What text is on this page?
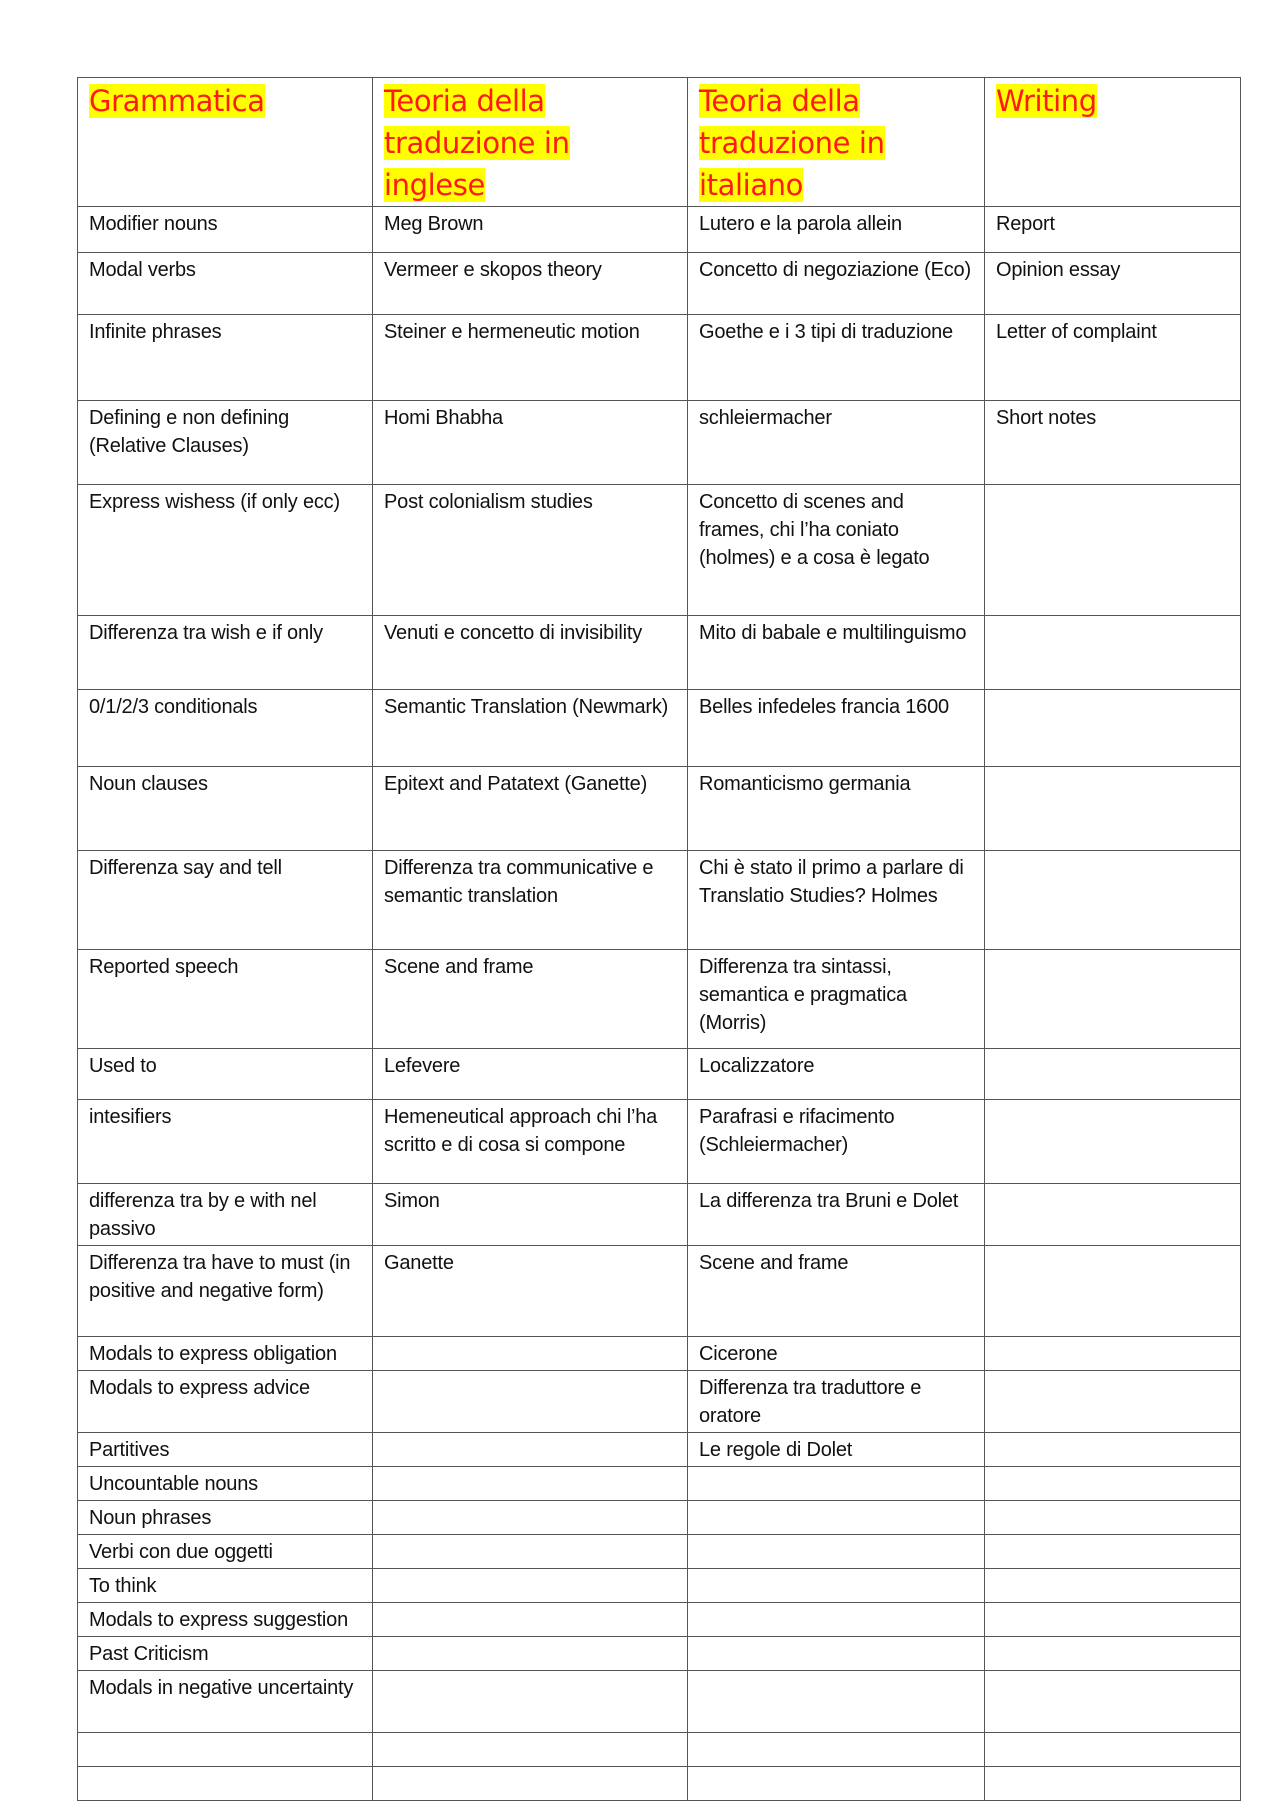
Grammatica	Teoria della traduzione in inglese	Teoria della traduzione in italiano	Writing

Modifier nouns	Meg Brown	Lutero e la parola allein	Report

Modal verbs	Vermeer e skopos theory	Concetto di negoziazione (Eco)	Opinion essay

Infinite phrases	Steiner e hermeneutic motion	Goethe e i 3 tipi di traduzione	Letter of complaint

Defining e non defining (Relative Clauses)	Homi Bhabha	schleiermacher	Short notes

Express wishess (if only ecc)	Post colonialism studies	Concetto di scenes and frames, chi l’ha coniato (holmes) e a cosa è legato	

Differenza tra wish e if only	Venuti e concetto di invisibility	Mito di babale e multilinguismo	

0/1/2/3 conditionals	Semantic Translation (Newmark)	Belles infedeles francia 1600	

Noun clauses	Epitext and Patatext (Ganette)	Romanticismo germania	

Differenza say and tell	Differenza tra communicative e semantic translation	Chi è stato il primo a parlare di Translatio Studies? Holmes	

Reported speech	Scene and frame	Differenza tra sintassi, semantica e pragmatica (Morris)	

Used to	Lefevere	Localizzatore	

intesifiers	Hemeneutical approach chi l’ha scritto e di cosa si compone	Parafrasi e rifacimento (Schleiermacher)	

differenza tra by e with nel passivo	Simon	La differenza tra Bruni e Dolet	

Differenza tra have to must (in positive and negative form)	Ganette	Scene and frame	

Modals to express obligation		Cicerone	

Modals to express advice		Differenza tra traduttore e oratore	

Partitives		Le regole di Dolet	

Uncountable nouns			

Noun phrases			

Verbi con due oggetti			

To think			

Modals to express suggestion			

Past Criticism			

Modals in negative uncertainty			
